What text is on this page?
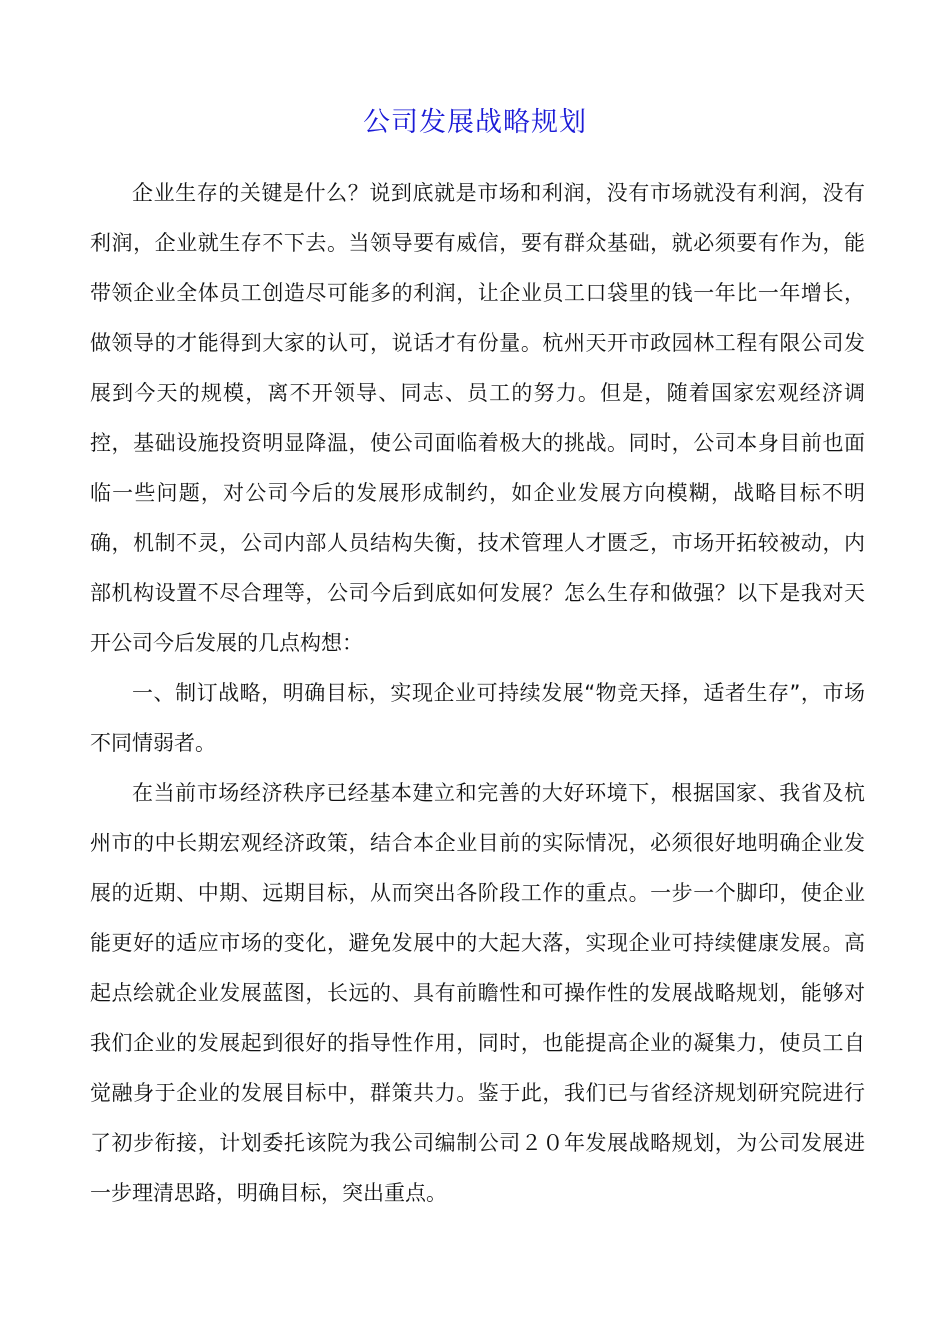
公司发展战略规划

企业生存的关键是什么？说到底就是市场和利润，没有市场就没有利润，没有利润，企业就生存不下去。当领导要有威信，要有群众基础，就必须要有作为，能带领企业全体员工创造尽可能多的利润，让企业员工口袋里的钱一年比一年增长，做领导的才能得到大家的认可，说话才有份量。杭州天开市政园林工程有限公司发展到今天的规模，离不开领导、同志、员工的努力。但是，随着国家宏观经济调控，基础设施投资明显降温，使公司面临着极大的挑战。同时，公司本身目前也面临一些问题，对公司今后的发展形成制约，如企业发展方向模糊，战略目标不明确，机制不灵，公司内部人员结构失衡，技术管理人才匮乏，市场开拓较被动，内部机构设置不尽合理等，公司今后到底如何发展？怎么生存和做强？以下是我对天开公司今后发展的几点构想：

一、制订战略，明确目标，实现企业可持续发展“物竞天择，适者生存”，市场不同情弱者。

在当前市场经济秩序已经基本建立和完善的大好环境下，根据国家、我省及杭州市的中长期宏观经济政策，结合本企业目前的实际情况，必须很好地明确企业发展的近期、中期、远期目标，从而突出各阶段工作的重点。一步一个脚印，使企业能更好的适应市场的变化，避免发展中的大起大落，实现企业可持续健康发展。高起点绘就企业发展蓝图，长远的、具有前瞻性和可操作性的发展战略规划，能够对我们企业的发展起到很好的指导性作用，同时，也能提高企业的凝集力，使员工自觉融身于企业的发展目标中，群策共力。鉴于此，我们已与省经济规划研究院进行了初步衔接，计划委托该院为我公司编制公司２０年发展战略规划，为公司发展进一步理清思路，明确目标，突出重点。
